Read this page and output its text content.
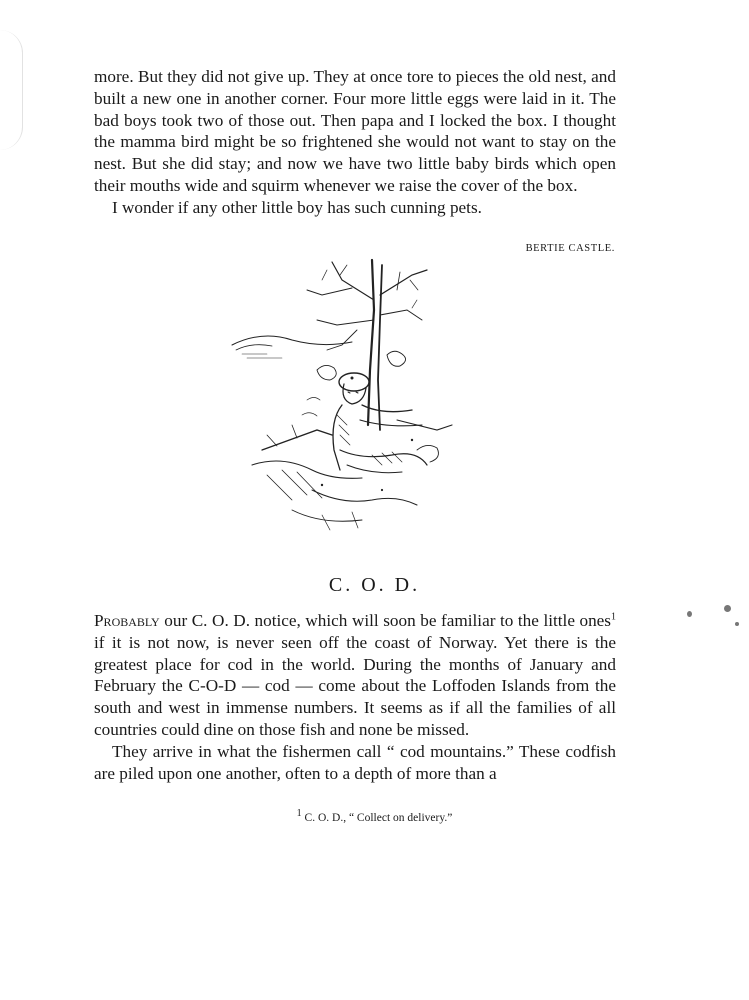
more. But they did not give up. They at once tore to pieces the old nest, and built a new one in another corner. Four more little eggs were laid in it. The bad boys took two of those out. Then papa and I locked the box. I thought the mamma bird might be so frightened she would not want to stay on the nest. But she did stay; and now we have two little baby birds which open their mouths wide and squirm whenever we raise the cover of the box.

I wonder if any other little boy has such cunning pets.

BERTIE CASTLE.
C. O. D.

Probably our C. O. D. notice, which will soon be familiar to the little ones$^1$ if it is not now, is never seen off the coast of Norway. Yet there is the greatest place for cod in the world. During the months of January and February the C-O-D — cod — come about the Loffoden Islands from the south and west in immense numbers. It seems as if all the families of all countries could dine on those fish and none be missed.

They arrive in what the fishermen call “ cod mountains.” These codfish are piled upon one another, often to a depth of more than a

1 C. O. D., “ Collect on delivery.”
